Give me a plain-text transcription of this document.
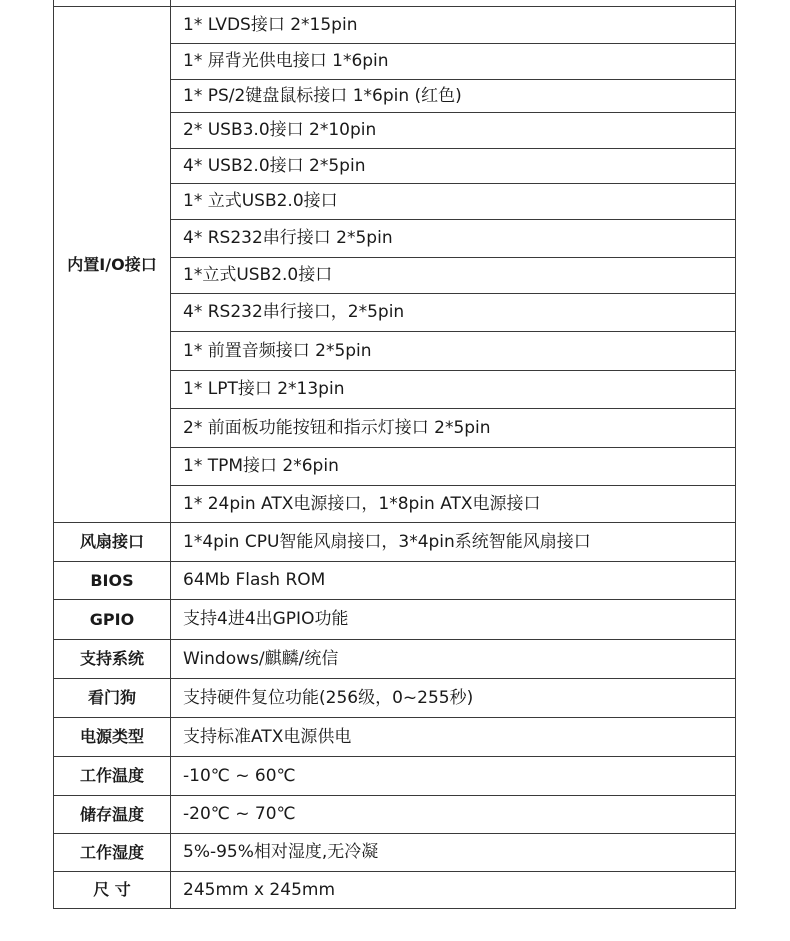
内置I/O接口	1* LVDS接口 2*15pin
	1* 屏背光供电接口 1*6pin
	1* PS/2键盘鼠标接口 1*6pin (红色)
	2* USB3.0接口 2*10pin
	4* USB2.0接口 2*5pin
	1* 立式USB2.0接口
	4* RS232串行接口 2*5pin
	1*立式USB2.0接口
	4* RS232串行接口，2*5pin
	1* 前置音频接口 2*5pin
	1* LPT接口 2*13pin
	2* 前面板功能按钮和指示灯接口 2*5pin
	1* TPM接口 2*6pin
	1* 24pin ATX电源接口，1*8pin ATX电源接口
风扇接口	1*4pin CPU智能风扇接口，3*4pin系统智能风扇接口
BIOS	64Mb Flash ROM
GPIO	支持4进4出GPIO功能
支持系统	Windows/麒麟/统信
看门狗	支持硬件复位功能(256级，0~255秒)
电源类型	支持标准ATX电源供电
工作温度	-10℃ ~ 60℃
储存温度	-20℃ ~ 70℃
工作湿度	5%-95%相对湿度,无冷凝
尺 寸	245mm x 245mm
